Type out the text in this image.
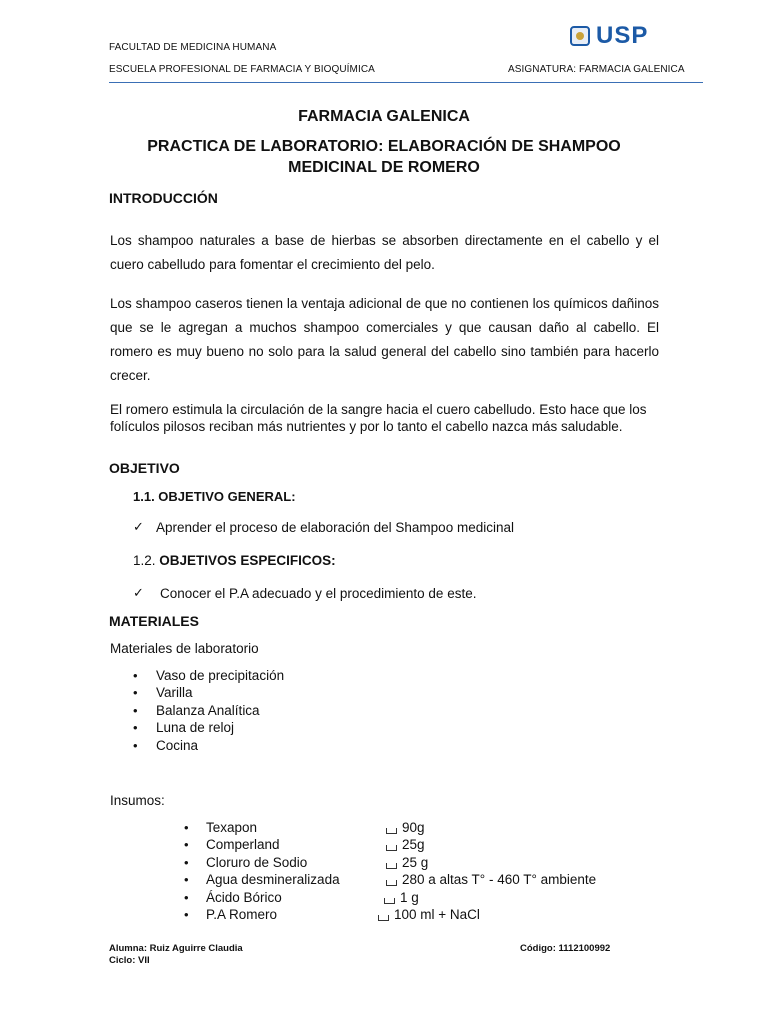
FACULTAD DE MEDICINA HUMANA
ESCUELA PROFESIONAL DE FARMACIA Y BIOQUÍMICA	ASIGNATURA: FARMACIA GALENICA
USP
FARMACIA GALENICA
PRACTICA DE LABORATORIO: ELABORACIÓN DE SHAMPOO
MEDICINAL DE ROMERO
INTRODUCCIÓN
Los shampoo naturales a base de hierbas se absorben directamente en el cabello y el cuero cabelludo para fomentar el crecimiento del pelo.
Los shampoo caseros tienen la ventaja adicional de que no contienen los químicos dañinos que se le agregan a muchos shampoo comerciales y que causan daño al cabello. El romero es muy bueno no solo para la salud general del cabello sino también para hacerlo crecer.
El romero estimula la circulación de la sangre hacia el cuero cabelludo. Esto hace que los folículos pilosos reciban más nutrientes y por lo tanto el cabello nazca más saludable.
OBJETIVO
1.1. OBJETIVO GENERAL:
✓ Aprender el proceso de elaboración del Shampoo medicinal
1.2. OBJETIVOS ESPECIFICOS:
✓ Conocer el P.A adecuado y el procedimiento de este.
MATERIALES
Materiales de laboratorio
• Vaso de precipitación
• Varilla
• Balanza Analítica
• Luna de reloj
• Cocina
Insumos:
• Texapon	90g
• Comperland	25g
• Cloruro de Sodio	25 g
• Agua desmineralizada	280 a altas T° - 460 T° ambiente
• Ácido Bórico	1 g
• P.A Romero	100 ml + NaCl
Alumna: Ruiz Aguirre Claudia
Ciclo: VII
Código: 1112100992
